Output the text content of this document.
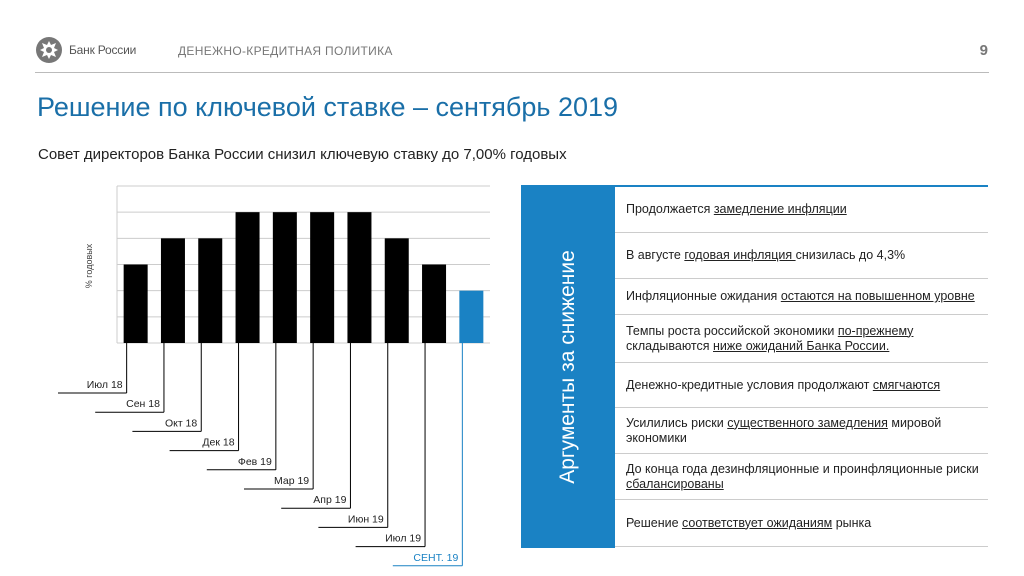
Банк России	ДЕНЕЖНО-КРЕДИТНАЯ ПОЛИТИКА	9
Решение по ключевой ставке – сентябрь 2019
Совет директоров Банка России снизил ключевую ставку до 7,00% годовых
% годовых
Июл 18
Сен 18
Окт 18
Дек 18
Фев 19
Мар 19
Апр 19
Июн 19
Июл 19
СЕНТ. 19
Аргументы за снижение
Продолжается замедление инфляции
В августе годовая инфляция снизилась до 4,3%
Инфляционные ожидания остаются на повышенном уровне
Темпы роста российской экономики по-прежнему складываются ниже ожиданий Банка России.
Денежно-кредитные условия продолжают смягчаются
Усилились риски существенного замедления мировой экономики
До конца года дезинфляционные и проинфляционные риски сбалансированы
Решение соответствует ожиданиям рынка
